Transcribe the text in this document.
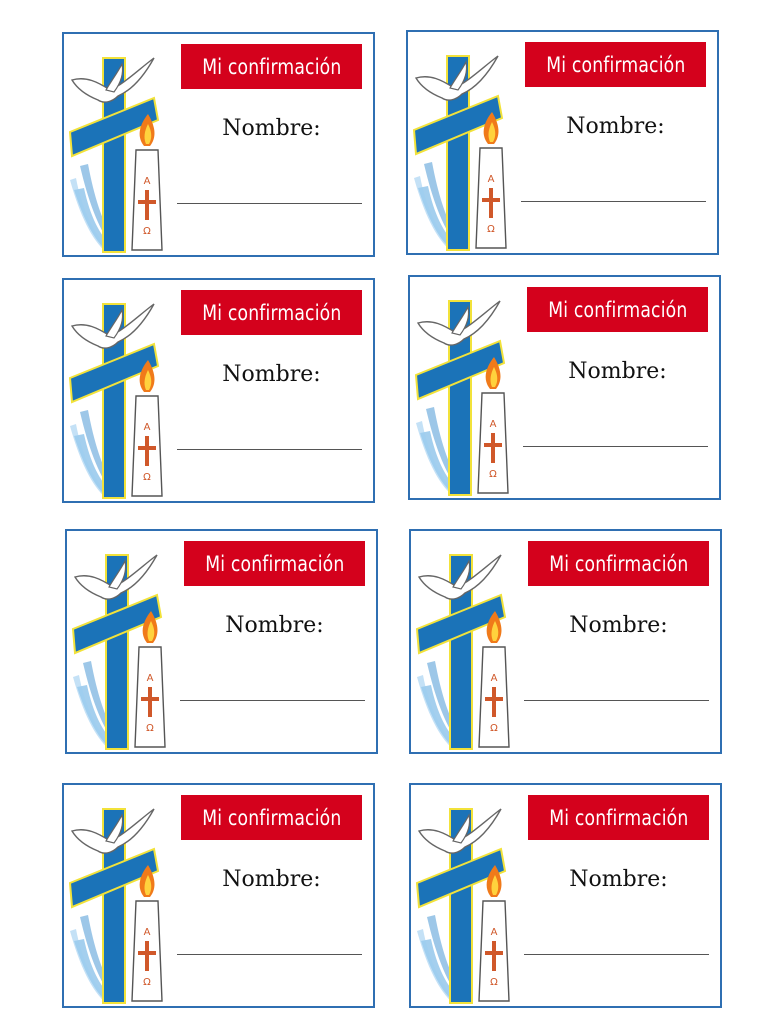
Α
Ω
Mi confirmación
Nombre:
Α
Ω
Mi confirmación
Nombre:
Α
Ω
Mi confirmación
Nombre:
Α
Ω
Mi confirmación
Nombre:
Α
Ω
Mi confirmación
Nombre:
Α
Ω
Mi confirmación
Nombre:
Α
Ω
Mi confirmación
Nombre:
Α
Ω
Mi confirmación
Nombre:
